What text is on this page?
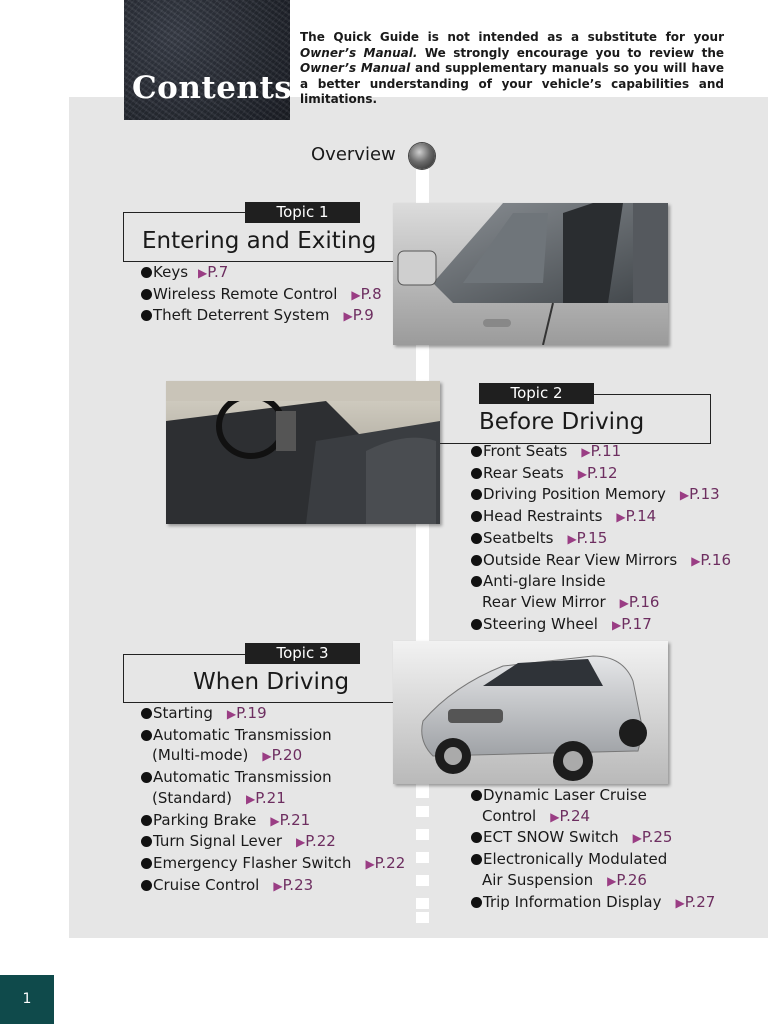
Contents
The Quick Guide is not intended as a substitute for your Owner’s Manual. We strongly encourage you to review the Owner’s Manual and supplementary manuals so you will have a better understanding of your vehicle’s capabilities and limitations.
Overview
Topic 1
Entering and Exiting
Keys ▶P.7
Wireless Remote Control ▶P.8
Theft Deterrent System ▶P.9
Topic 2
Before Driving
Front Seats ▶P.11
Rear Seats ▶P.12
Driving Position Memory ▶P.13
Head Restraints ▶P.14
Seatbelts ▶P.15
Outside Rear View Mirrors ▶P.16
Anti-glare Inside
Rear View Mirror ▶P.16
Steering Wheel ▶P.17
Topic 3
When Driving
Starting ▶P.19
Automatic Transmission
(Multi-mode) ▶P.20
Automatic Transmission
(Standard) ▶P.21
Parking Brake ▶P.21
Turn Signal Lever ▶P.22
Emergency Flasher Switch ▶P.22
Cruise Control ▶P.23
Dynamic Laser Cruise
Control ▶P.24
ECT SNOW Switch ▶P.25
Electronically Modulated
Air Suspension ▶P.26
Trip Information Display ▶P.27
1
